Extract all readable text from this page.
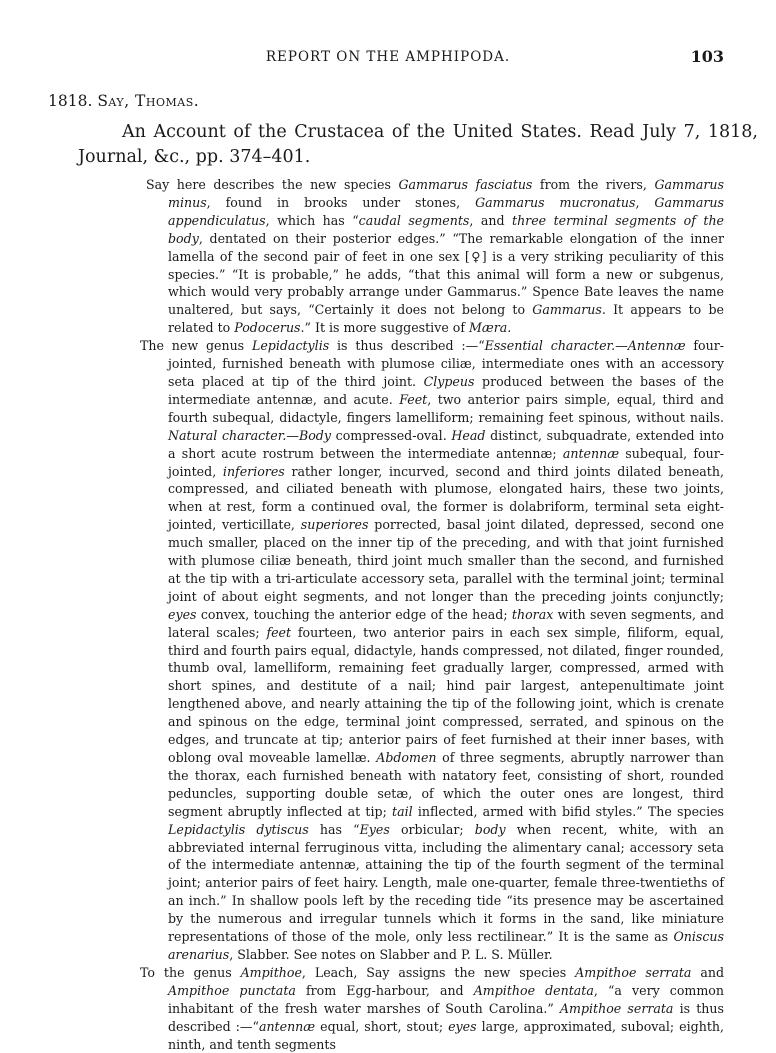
REPORT ON THE AMPHIPODA.	103
1818. Say, Thomas.
An Account of the Crustacea of the United States. Read July 7, 1818, Journal, &c., pp. 374–401.

Say here describes the new species Gammarus fasciatus from the rivers, Gammarus minus, found in brooks under stones, Gammarus mucronatus, Gammarus appendiculatus, which has “caudal segments, and three terminal segments of the body, dentated on their posterior edges.” “The remarkable elongation of the inner lamella of the second pair of feet in one sex [♀] is a very striking peculiarity of this species.” “It is probable,” he adds, “that this animal will form a new or subgenus, which would very probably arrange under Gammarus.” Spence Bate leaves the name unaltered, but says, “Certainly it does not belong to Gammarus. It appears to be related to Podocerus.” It is more suggestive of Mæra.

The new genus Lepidactylis is thus described :—“Essential character.—Antennæ four-jointed, furnished beneath with plumose ciliæ, intermediate ones with an accessory seta placed at tip of the third joint. Clypeus produced between the bases of the intermediate antennæ, and acute. Feet, two anterior pairs simple, equal, third and fourth subequal, didactyle, fingers lamelliform; remaining feet spinous, without nails. Natural character.—Body compressed-oval. Head distinct, subquadrate, extended into a short acute rostrum between the intermediate antennæ; antennæ subequal, four-jointed, inferiores rather longer, incurved, second and third joints dilated beneath, compressed, and ciliated beneath with plumose, elongated hairs, these two joints, when at rest, form a continued oval, the former is dolabriform, terminal seta eight-jointed, verticillate, superiores porrected, basal joint dilated, depressed, second one much smaller, placed on the inner tip of the preceding, and with that joint furnished with plumose ciliæ beneath, third joint much smaller than the second, and furnished at the tip with a tri-articulate accessory seta, parallel with the terminal joint; terminal joint of about eight segments, and not longer than the preceding joints conjunctly; eyes convex, touching the anterior edge of the head; thorax with seven segments, and lateral scales; feet fourteen, two anterior pairs in each sex simple, filiform, equal, third and fourth pairs equal, didactyle, hands compressed, not dilated, finger rounded, thumb oval, lamelliform, remaining feet gradually larger, compressed, armed with short spines, and destitute of a nail; hind pair largest, antepenultimate joint lengthened above, and nearly attaining the tip of the following joint, which is crenate and spinous on the edge, terminal joint compressed, serrated, and spinous on the edges, and truncate at tip; anterior pairs of feet furnished at their inner bases, with oblong oval moveable lamellæ. Abdomen of three segments, abruptly narrower than the thorax, each furnished beneath with natatory feet, consisting of short, rounded peduncles, supporting double setæ, of which the outer ones are longest, third segment abruptly inflected at tip; tail inflected, armed with bifid styles.” The species Lepidactylis dytiscus has “Eyes orbicular; body when recent, white, with an abbreviated internal ferruginous vitta, including the alimentary canal; accessory seta of the intermediate antennæ, attaining the tip of the fourth segment of the terminal joint; anterior pairs of feet hairy. Length, male one-quarter, female three-twentieths of an inch.” In shallow pools left by the receding tide “its presence may be ascertained by the numerous and irregular tunnels which it forms in the sand, like miniature representations of those of the mole, only less rectilinear.” It is the same as Oniscus arenarius, Slabber. See notes on Slabber and P. L. S. Müller.

To the genus Ampithoe, Leach, Say assigns the new species Ampithoe serrata and Ampithoe punctata from Egg-harbour, and Ampithoe dentata, “a very common inhabitant of the fresh water marshes of South Carolina.” Ampithoe serrata is thus described :—“antennæ equal, short, stout; eyes large, approximated, suboval; eighth, ninth, and tenth segments
